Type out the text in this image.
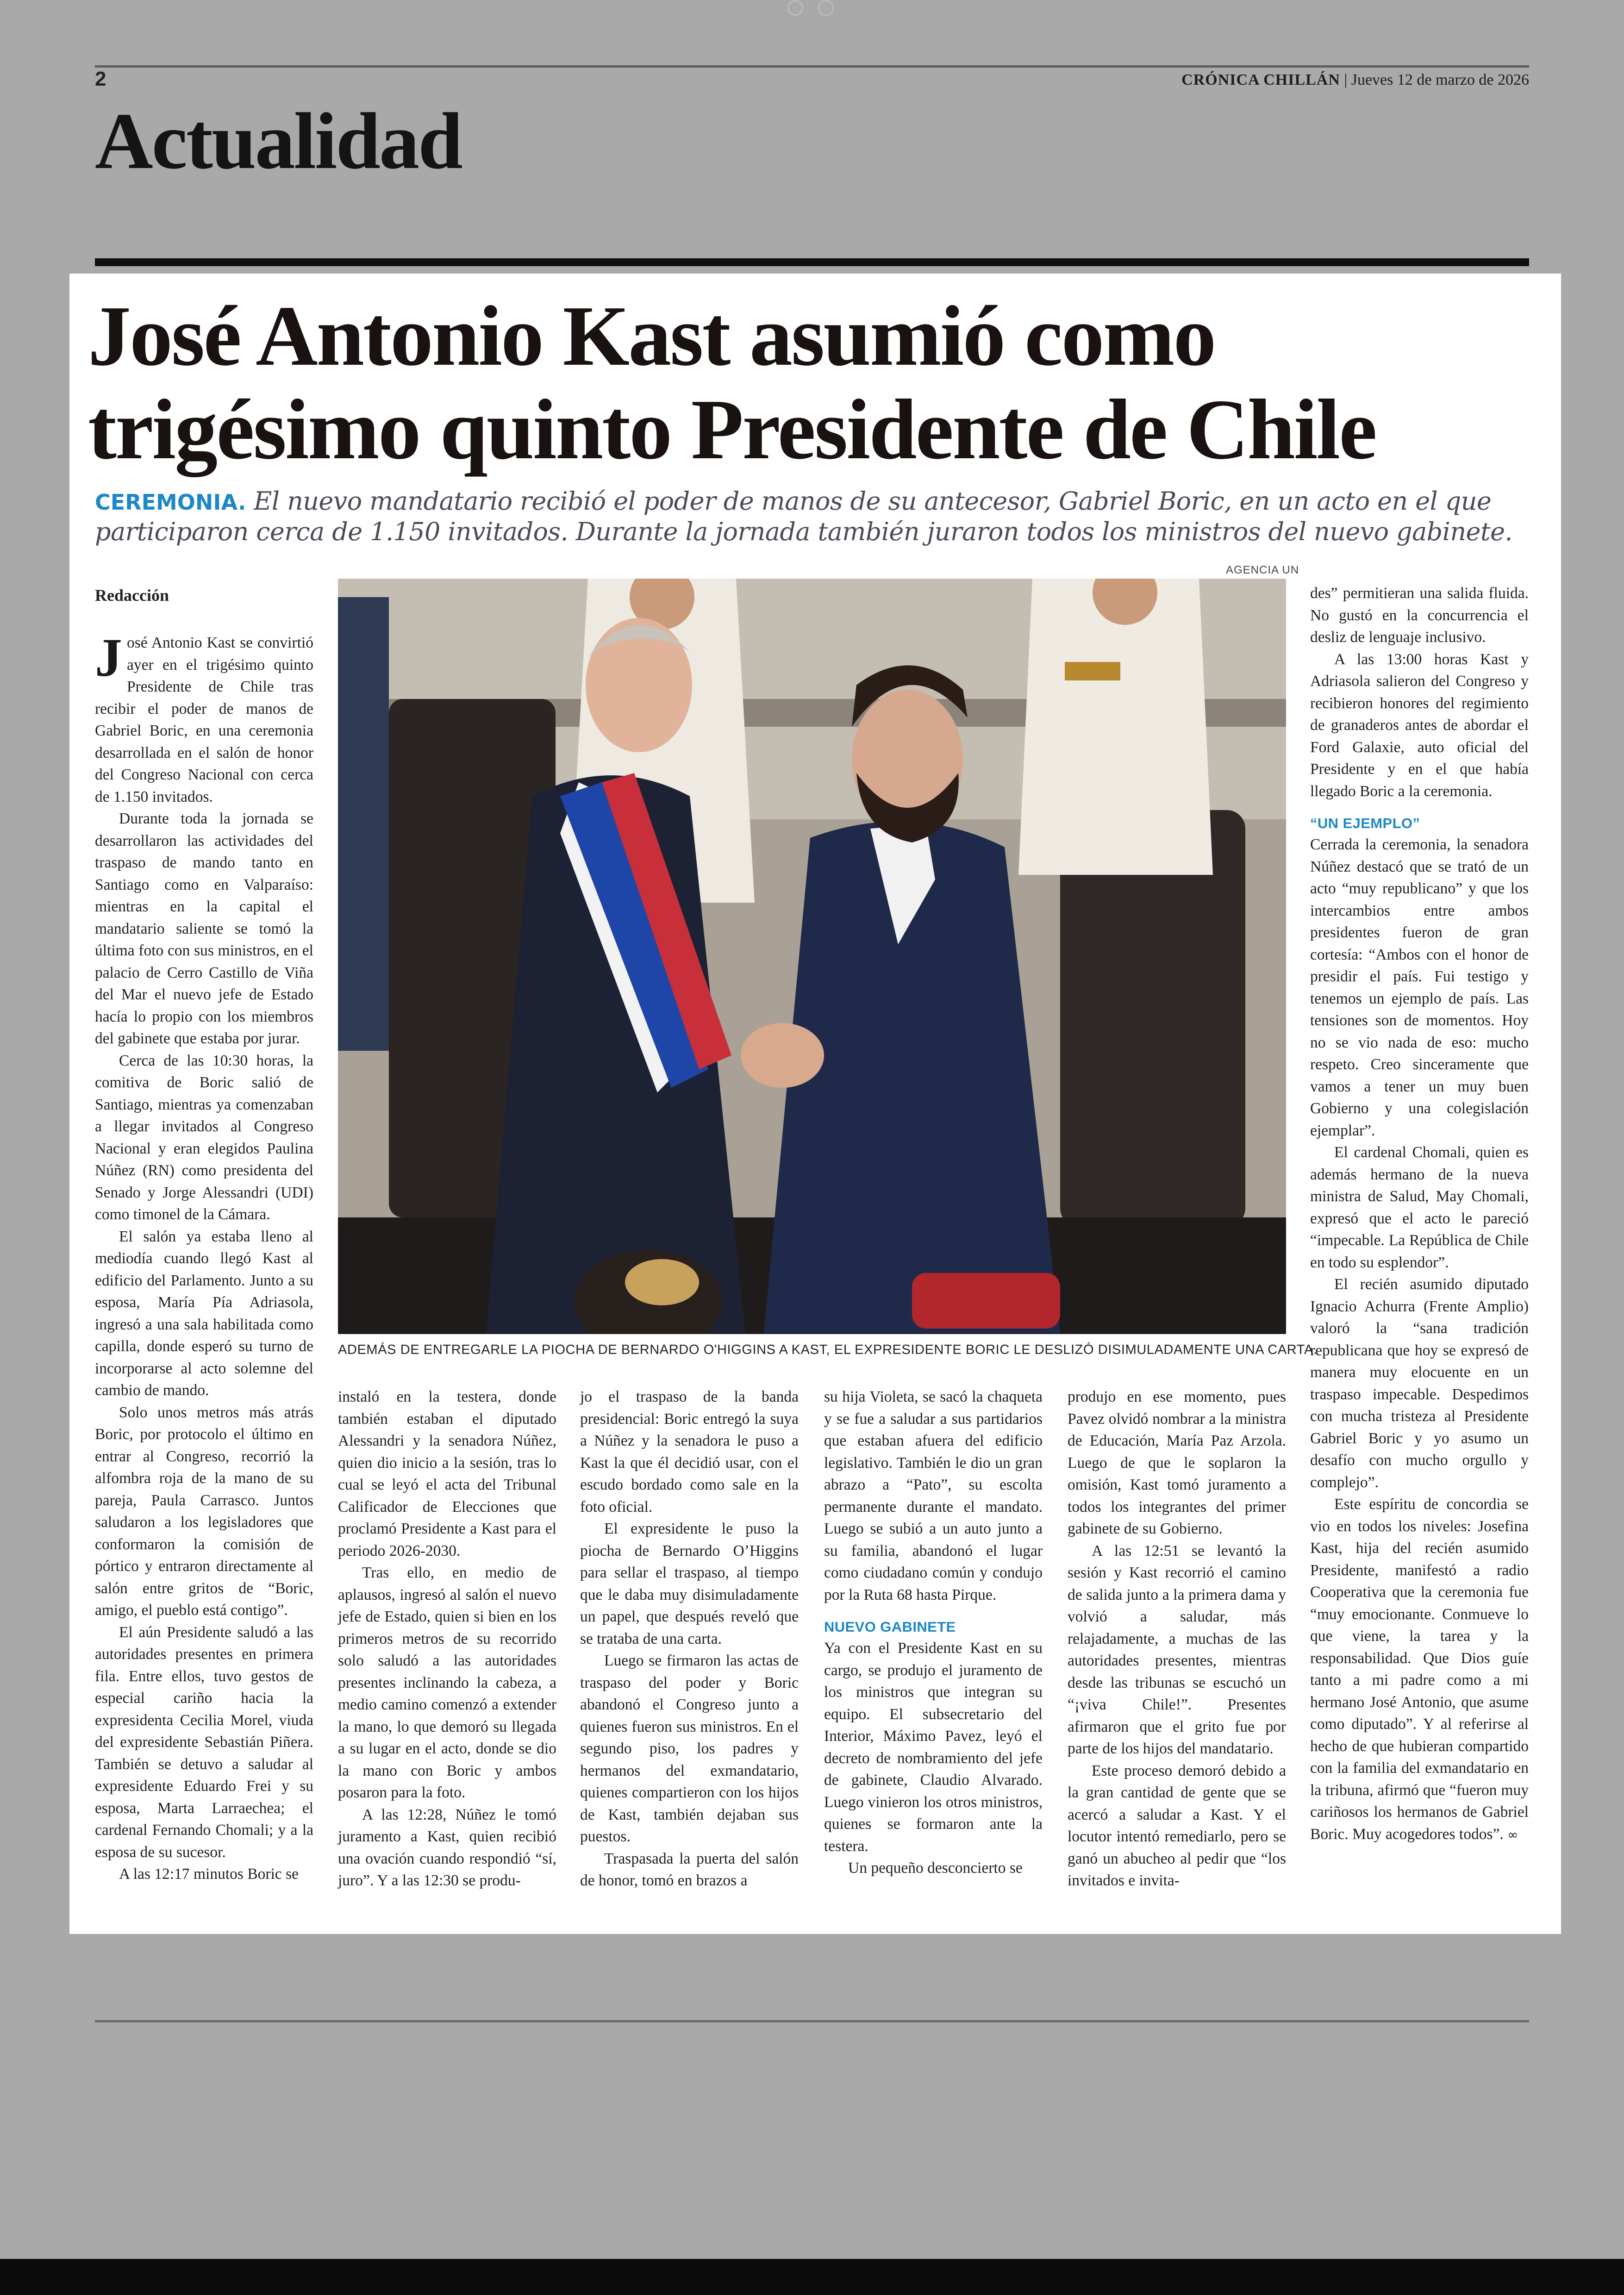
‹	›
2	CRÓNICA CHILLÁN | Jueves 12 de marzo de 2026
Actualidad
José Antonio Kast asumió como
trigésimo quinto Presidente de Chile

CEREMONIA. El nuevo mandatario recibió el poder de manos de su antecesor, Gabriel Boric, en un acto en el que participaron cerca de 1.150 invitados. Durante la jornada también juraron todos los ministros del nuevo gabinete.

AGENCIA UN
Redacción
ADEMÁS DE ENTREGARLE LA PIOCHA DE BERNARDO O'HIGGINS A KAST, EL EXPRESIDENTE BORIC LE DESLIZÓ DISIMULADAMENTE UNA CARTA.

José Antonio Kast se convirtió ayer en el trigésimo quinto Presidente de Chile tras recibir el poder de manos de Gabriel Boric, en una ceremonia desarrollada en el salón de honor del Congreso Nacional con cerca de 1.150 invitados.

Durante toda la jornada se desarrollaron las actividades del traspaso de mando tanto en Santiago como en Valparaíso: mientras en la capital el mandatario saliente se tomó la última foto con sus ministros, en el palacio de Cerro Castillo de Viña del Mar el nuevo jefe de Estado hacía lo propio con los miembros del gabinete que estaba por jurar.

Cerca de las 10:30 horas, la comitiva de Boric salió de Santiago, mientras ya comenzaban a llegar invitados al Congreso Nacional y eran elegidos Paulina Núñez (RN) como presidenta del Senado y Jorge Alessandri (UDI) como timonel de la Cámara.

El salón ya estaba lleno al mediodía cuando llegó Kast al edificio del Parlamento. Junto a su esposa, María Pía Adriasola, ingresó a una sala habilitada como capilla, donde esperó su turno de incorporarse al acto solemne del cambio de mando.

Solo unos metros más atrás Boric, por protocolo el último en entrar al Congreso, recorrió la alfombra roja de la mano de su pareja, Paula Carrasco. Juntos saludaron a los legisladores que conformaron la comisión de pórtico y entraron directamente al salón entre gritos de “Boric, amigo, el pueblo está contigo”.

El aún Presidente saludó a las autoridades presentes en primera fila. Entre ellos, tuvo gestos de especial cariño hacia la expresidenta Cecilia Morel, viuda del expresidente Sebastián Piñera. También se detuvo a saludar al expresidente Eduardo Frei y su esposa, Marta Larraechea; el cardenal Fernando Chomali; y a la esposa de su sucesor.

A las 12:17 minutos Boric se

instaló en la testera, donde también estaban el diputado Alessandri y la senadora Núñez, quien dio inicio a la sesión, tras lo cual se leyó el acta del Tribunal Calificador de Elecciones que proclamó Presidente a Kast para el periodo 2026-2030.

Tras ello, en medio de aplausos, ingresó al salón el nuevo jefe de Estado, quien si bien en los primeros metros de su recorrido solo saludó a las autoridades presentes inclinando la cabeza, a medio camino comenzó a extender la mano, lo que demoró su llegada a su lugar en el acto, donde se dio la mano con Boric y ambos posaron para la foto.

A las 12:28, Núñez le tomó juramento a Kast, quien recibió una ovación cuando respondió “sí, juro”. Y a las 12:30 se produ-

jo el traspaso de la banda presidencial: Boric entregó la suya a Núñez y la senadora le puso a Kast la que él decidió usar, con el escudo bordado como sale en la foto oficial.

El expresidente le puso la piocha de Bernardo O’Higgins para sellar el traspaso, al tiempo que le daba muy disimuladamente un papel, que después reveló que se trataba de una carta.

Luego se firmaron las actas de traspaso del poder y Boric abandonó el Congreso junto a quienes fueron sus ministros. En el segundo piso, los padres y hermanos del exmandatario, quienes compartieron con los hijos de Kast, también dejaban sus puestos.

Traspasada la puerta del salón de honor, tomó en brazos a

su hija Violeta, se sacó la chaqueta y se fue a saludar a sus partidarios que estaban afuera del edificio legislativo. También le dio un gran abrazo a “Pato”, su escolta permanente durante el mandato. Luego se subió a un auto junto a su familia, abandonó el lugar como ciudadano común y condujo por la Ruta 68 hasta Pirque.

NUEVO GABINETE

Ya con el Presidente Kast en su cargo, se produjo el juramento de los ministros que integran su equipo. El subsecretario del Interior, Máximo Pavez, leyó el decreto de nombramiento del jefe de gabinete, Claudio Alvarado. Luego vinieron los otros ministros, quienes se formaron ante la testera.

Un pequeño desconcierto se

produjo en ese momento, pues Pavez olvidó nombrar a la ministra de Educación, María Paz Arzola. Luego de que le soplaron la omisión, Kast tomó juramento a todos los integrantes del primer gabinete de su Gobierno.

A las 12:51 se levantó la sesión y Kast recorrió el camino de salida junto a la primera dama y volvió a saludar, más relajadamente, a muchas de las autoridades presentes, mientras desde las tribunas se escuchó un “¡viva Chile!”. Presentes afirmaron que el grito fue por parte de los hijos del mandatario.

Este proceso demoró debido a la gran cantidad de gente que se acercó a saludar a Kast. Y el locutor intentó remediarlo, pero se ganó un abucheo al pedir que “los invitados e invita-

des” permitieran una salida fluida. No gustó en la concurrencia el desliz de lenguaje inclusivo.

A las 13:00 horas Kast y Adriasola salieron del Congreso y recibieron honores del regimiento de granaderos antes de abordar el Ford Galaxie, auto oficial del Presidente y en el que había llegado Boric a la ceremonia.

“UN EJEMPLO”

Cerrada la ceremonia, la senadora Núñez destacó que se trató de un acto “muy republicano” y que los intercambios entre ambos presidentes fueron de gran cortesía: “Ambos con el honor de presidir el país. Fui testigo y tenemos un ejemplo de país. Las tensiones son de momentos. Hoy no se vio nada de eso: mucho respeto. Creo sinceramente que vamos a tener un muy buen Gobierno y una colegislación ejemplar”.

El cardenal Chomali, quien es además hermano de la nueva ministra de Salud, May Chomali, expresó que el acto le pareció “impecable. La República de Chile en todo su esplendor”.

El recién asumido diputado Ignacio Achurra (Frente Amplio) valoró la “sana tradición republicana que hoy se expresó de manera muy elocuente en un traspaso impecable. Despedimos con mucha tristeza al Presidente Gabriel Boric y yo asumo un desafío con mucho orgullo y complejo”.

Este espíritu de concordia se vio en todos los niveles: Josefina Kast, hija del recién asumido Presidente, manifestó a radio Cooperativa que la ceremonia fue “muy emocionante. Conmueve lo que viene, la tarea y la responsabilidad. Que Dios guíe tanto a mi padre como a mi hermano José Antonio, que asume como diputado”. Y al referirse al hecho de que hubieran compartido con la familia del exmandatario en la tribuna, afirmó que “fueron muy cariñosos los hermanos de Gabriel Boric. Muy acogedores todos”. ∞
